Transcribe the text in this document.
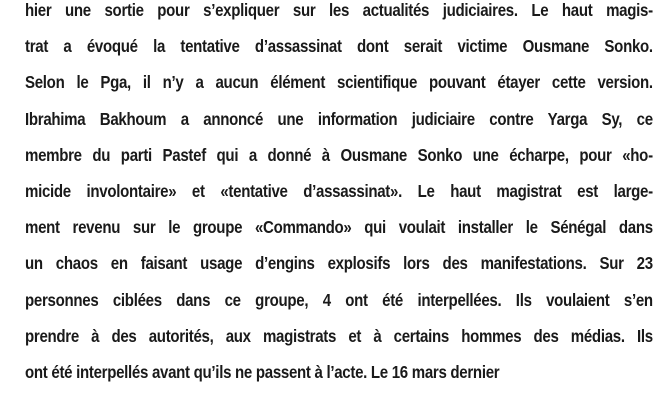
hier une sortie pour s’expliquer sur les actualités judiciaires. Le haut magis-
trat a évoqué la tentative d’assassinat dont serait victime Ousmane Sonko.
Selon le Pga, il n’y a aucun élément scientifique pouvant étayer cette version.
Ibrahima Bakhoum a annoncé une information judiciaire contre Yarga Sy, ce
membre du parti Pastef qui a donné à Ousmane Sonko une écharpe, pour «ho-
micide involontaire» et «tentative d’assassinat». Le haut magistrat est large-
ment revenu sur le groupe «Commando» qui voulait installer le Sénégal dans
un chaos en faisant usage d’engins explosifs lors des manifestations. Sur 23
personnes ciblées dans ce groupe, 4 ont été interpellées. Ils voulaient s’en
prendre à des autorités, aux magistrats et à certains hommes des médias. Ils
ont été interpellés avant qu’ils ne passent à l’acte. Le 16 mars dernier
